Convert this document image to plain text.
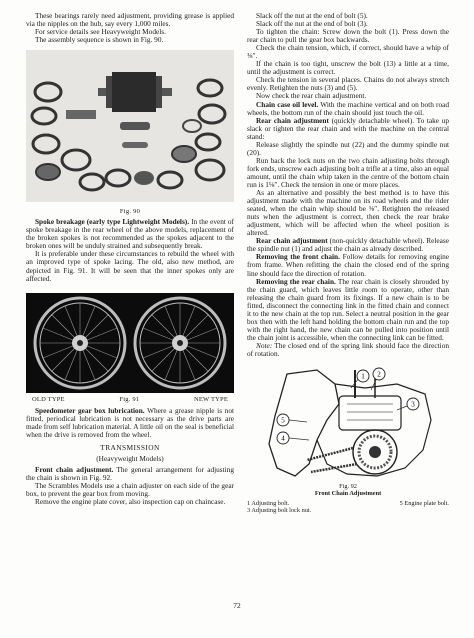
These bearings rarely need adjustment, providing grease is applied via the nipples on the hub, say every 1,000 miles.

For service details see Heavyweight Models.

The assembly sequence is shown in Fig. 90.

Fig. 90

Spoke breakage (early type Lightweight Models). In the event of spoke breakage in the rear wheel of the above models, replacement of the broken spokes is not recommended as the spokes adjacent to the broken ones will be unduly strained and subsequently break.

It is preferable under these circumstances to rebuild the wheel with an improved type of spoke lacing. The old, also new method, are depicted in Fig. 91. It will be seen that the inner spokes only are affected.

OLD TYPE	Fig. 91	NEW TYPE

Speedometer gear box lubrication. Where a grease nipple is not fitted, periodical lubrication is not necessary as the drive parts are made from self lubrication material. A little oil on the seal is beneficial when the drive is removed from the wheel.

TRANSMISSION

(Heavyweight Models)

Front chain adjustment. The general arrangement for adjusting the chain is shown in Fig. 92.

The Scrambles Models use a chain adjuster on each side of the gear box, to prevent the gear box from moving.

Remove the engine plate cover, also inspection cap on chaincase.

Slack off the nut at the end of bolt (5).

Slack off the nut at the end of bolt (3).

To tighten the chain: Screw down the bolt (1). Press down the rear chain to pull the gear box backwards.

Check the chain tension, which, if correct, should have a whip of ⅜″.

If the chain is too tight, unscrew the bolt (13) a little at a time, until the adjustment is correct.

Check the tension in several places. Chains do not always stretch evenly. Retighten the nuts (3) and (5).

Now check the rear chain adjustment.

Chain case oil level. With the machine vertical and on both road wheels, the bottom run of the chain should just touch the oil.

Rear chain adjustment (quickly detachable wheel). To take up slack or tighten the rear chain and with the machine on the central stand:

Release slightly the spindle nut (22) and the dummy spindle nut (20).

Run back the lock nuts on the two chain adjusting bolts through fork ends, unscrew each adjusting bolt a trifle at a time, also an equal amount, until the chain whip taken in the centre of the bottom chain run is 1⅛″. Check the tension in one or more places.

As an alternative and possibly the best method is to have this adjustment made with the machine on its road wheels and the rider seated, when the chain whip should be ⅝″. Retighten the released nuts when the adjustment is correct, then check the rear brake adjustment, which will be affected when the wheel position is altered.

Rear chain adjustment (non-quickly detachable wheel). Release the spindle nut (1) and adjust the chain as already described.

Removing the front chain. Follow details for removing engine from frame. When refitting the chain the closed end of the spring line should face the direction of rotation.

Removing the rear chain. The rear chain is closely shrouded by the chain guard, which leaves little room to operate, other than releasing the chain guard from its fixings. If a new chain is to be fitted, disconnect the connecting link in the fitted chain and connect it to the new chain at the top run. Select a neutral position in the gear box then with the left hand holding the bottom chain run and the top with the right hand, the new chain can be pulled into position until the chain joint is accessible, when the connecting link can be fitted.

Note: The closed end of the spring link should face the direction of rotation.

1 2
3
4
5
Fig. 92
Front Chain Adjustment
1 Adjusting bolt.
3 Adjusting bolt lock nut.
5 Engine plate bolt.
72
